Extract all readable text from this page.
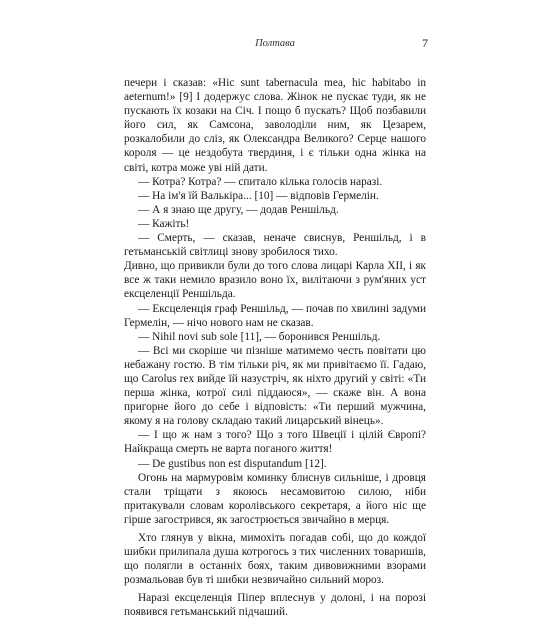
Полтава	7

печери і сказав: «Hic sunt tabernacula mea, hic habitabo in aeternum!» [9] І додержус слова. Жінок не пускає туди, як не пускають їх козаки на Січ. І пощо б пускать? Щоб позбавили його сил, як Самсона, заволоділи ним, як Цезарем, розкалобили до сліз, як Олександра Великого? Серце нашого короля — це нездобута твердиня, і є тільки одна жінка на світі, котра може уві ній дати.

— Котра? Котра? — спитало кілька голосів наразі.

— На ім'я їй Валькіра... [10] — відповів Гермелін.

— А я знаю ще другу, — додав Реншільд.

— Кажіть!

— Смерть, — сказав, неначе свиснув, Реншільд, і в гетьманській світлиці знову зробилося тихо.

Дивно, що привикли були до того слова лицарі Карла XII, і як все ж таки немило вразило воно їх, вилітаючи з рум'яних уст ексцеленції Реншільда.

— Ексцеленція граф Реншільд, — почав по хвилині задуми Гермелін, — нічо нового нам не сказав.

— Nihil novi sub sole [11], — боронився Реншільд.

— Всі ми скоріше чи пізніше матимемо честь повітати цю небажану гостю. В тім тільки річ, як ми привітаємо її. Гадаю, що Carolus rex вийде їй назустріч, як ніхто другий у світі: «Ти перша жінка, котрої силі піддаюся», — скаже він. А вона пригорне його до себе і відповість: «Ти перший мужчина, якому я на голову складаю такий лицарський вінець».

— І що ж нам з того? Що з того Швеції і цілій Європі? Найкраща смерть не варта поганого життя!

— De gustibus non est disputandum [12].

Огонь на мармуровім коминку блиснув сильніше, і дровця стали тріщати з якоюсь несамовитою силою, ніби притакували словам королівського секретаря, а його ніс ще гірше загострився, як загострюється звичайно в мерця.

Хто глянув у вікна, мимохіть погадав собі, що до кождої шибки прилипала душа котрогось з тих численних товаришів, що полягли в останніх боях, таким дивовижними взорами розмальовав був ті шибки незвичайно сильний мороз.

Наразі ексцеленція Піпер вплеснув у долоні, і на порозі появився гетьманський підчаший.
